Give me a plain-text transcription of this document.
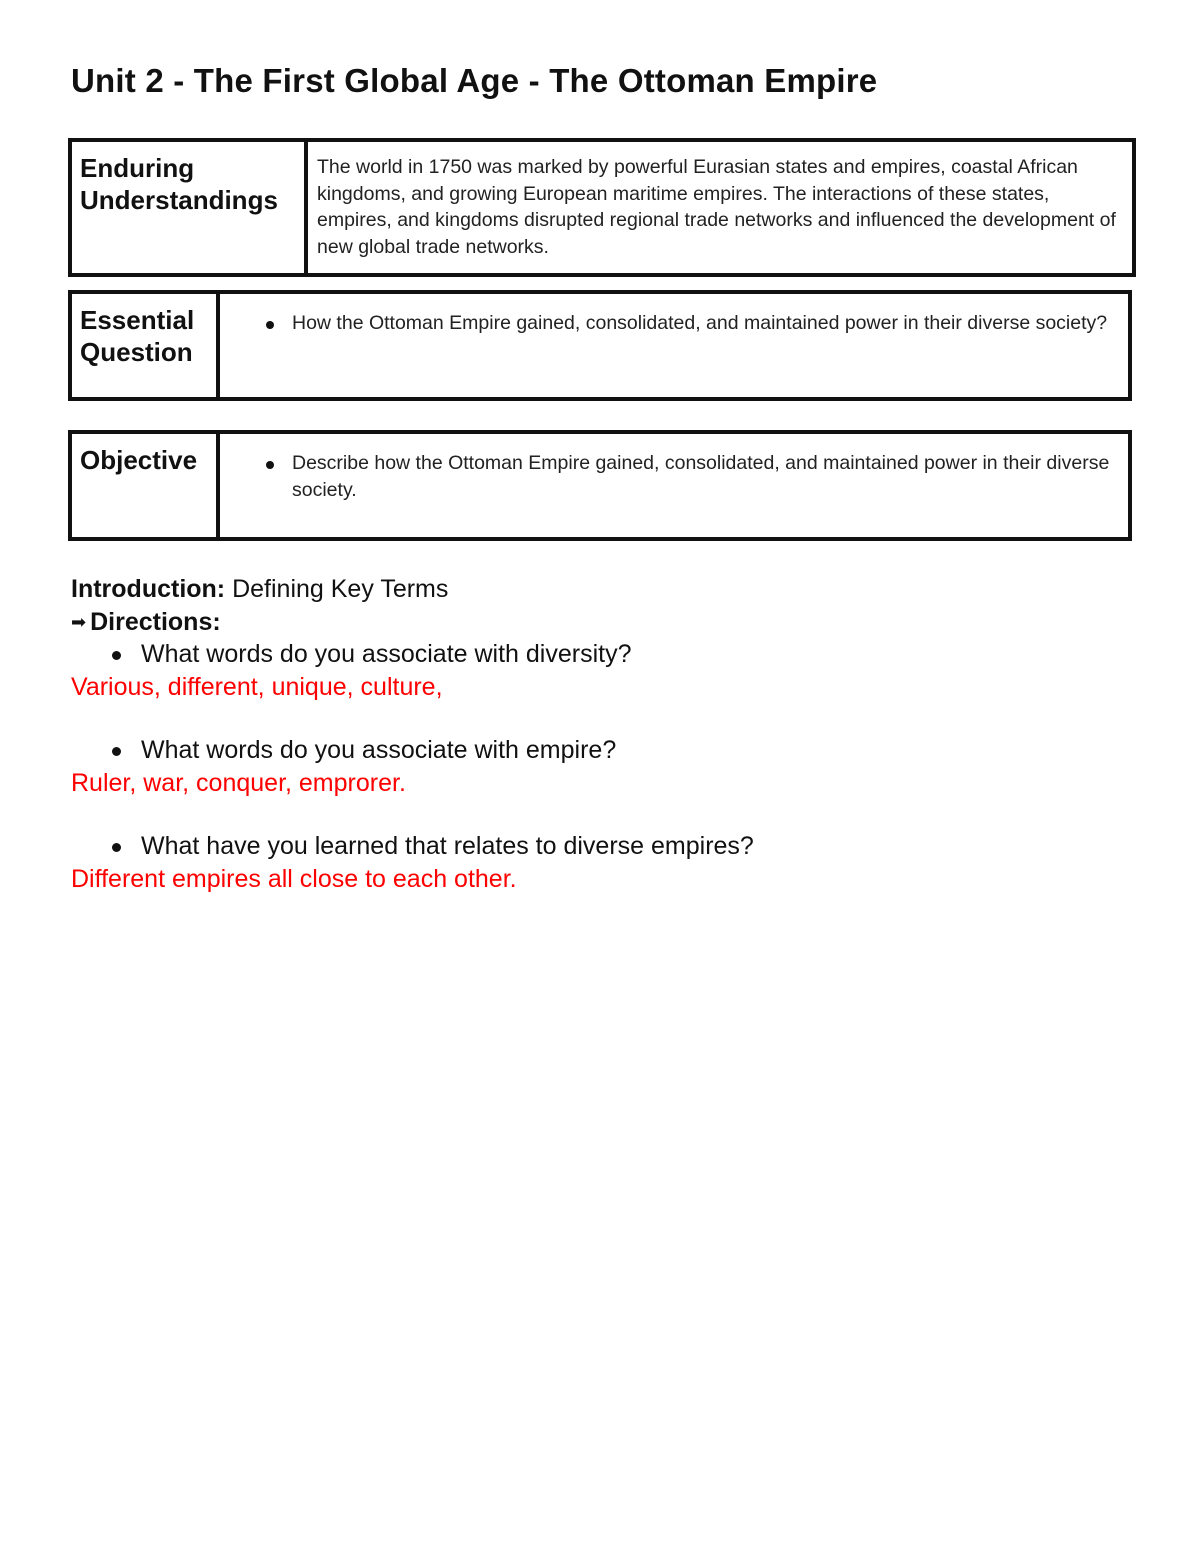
Unit 2 - The First Global Age - The Ottoman Empire
Enduring
Understandings
The world in 1750 was marked by powerful Eurasian states and empires, coastal African kingdoms, and growing European maritime empires. The interactions of these states, empires, and kingdoms disrupted regional trade networks and influenced the development of new global trade networks.
Essential
Question
How the Ottoman Empire gained, consolidated, and maintained power in their diverse society?
Objective	Describe how the Ottoman Empire gained, consolidated, and maintained power in their diverse society.
Introduction: Defining Key Terms
➡ Directions:
What words do you associate with diversity?
Various, different, unique, culture,
What words do you associate with empire?
Ruler, war, conquer, emprorer.
What have you learned that relates to diverse empires?
Different empires all close to each other.
